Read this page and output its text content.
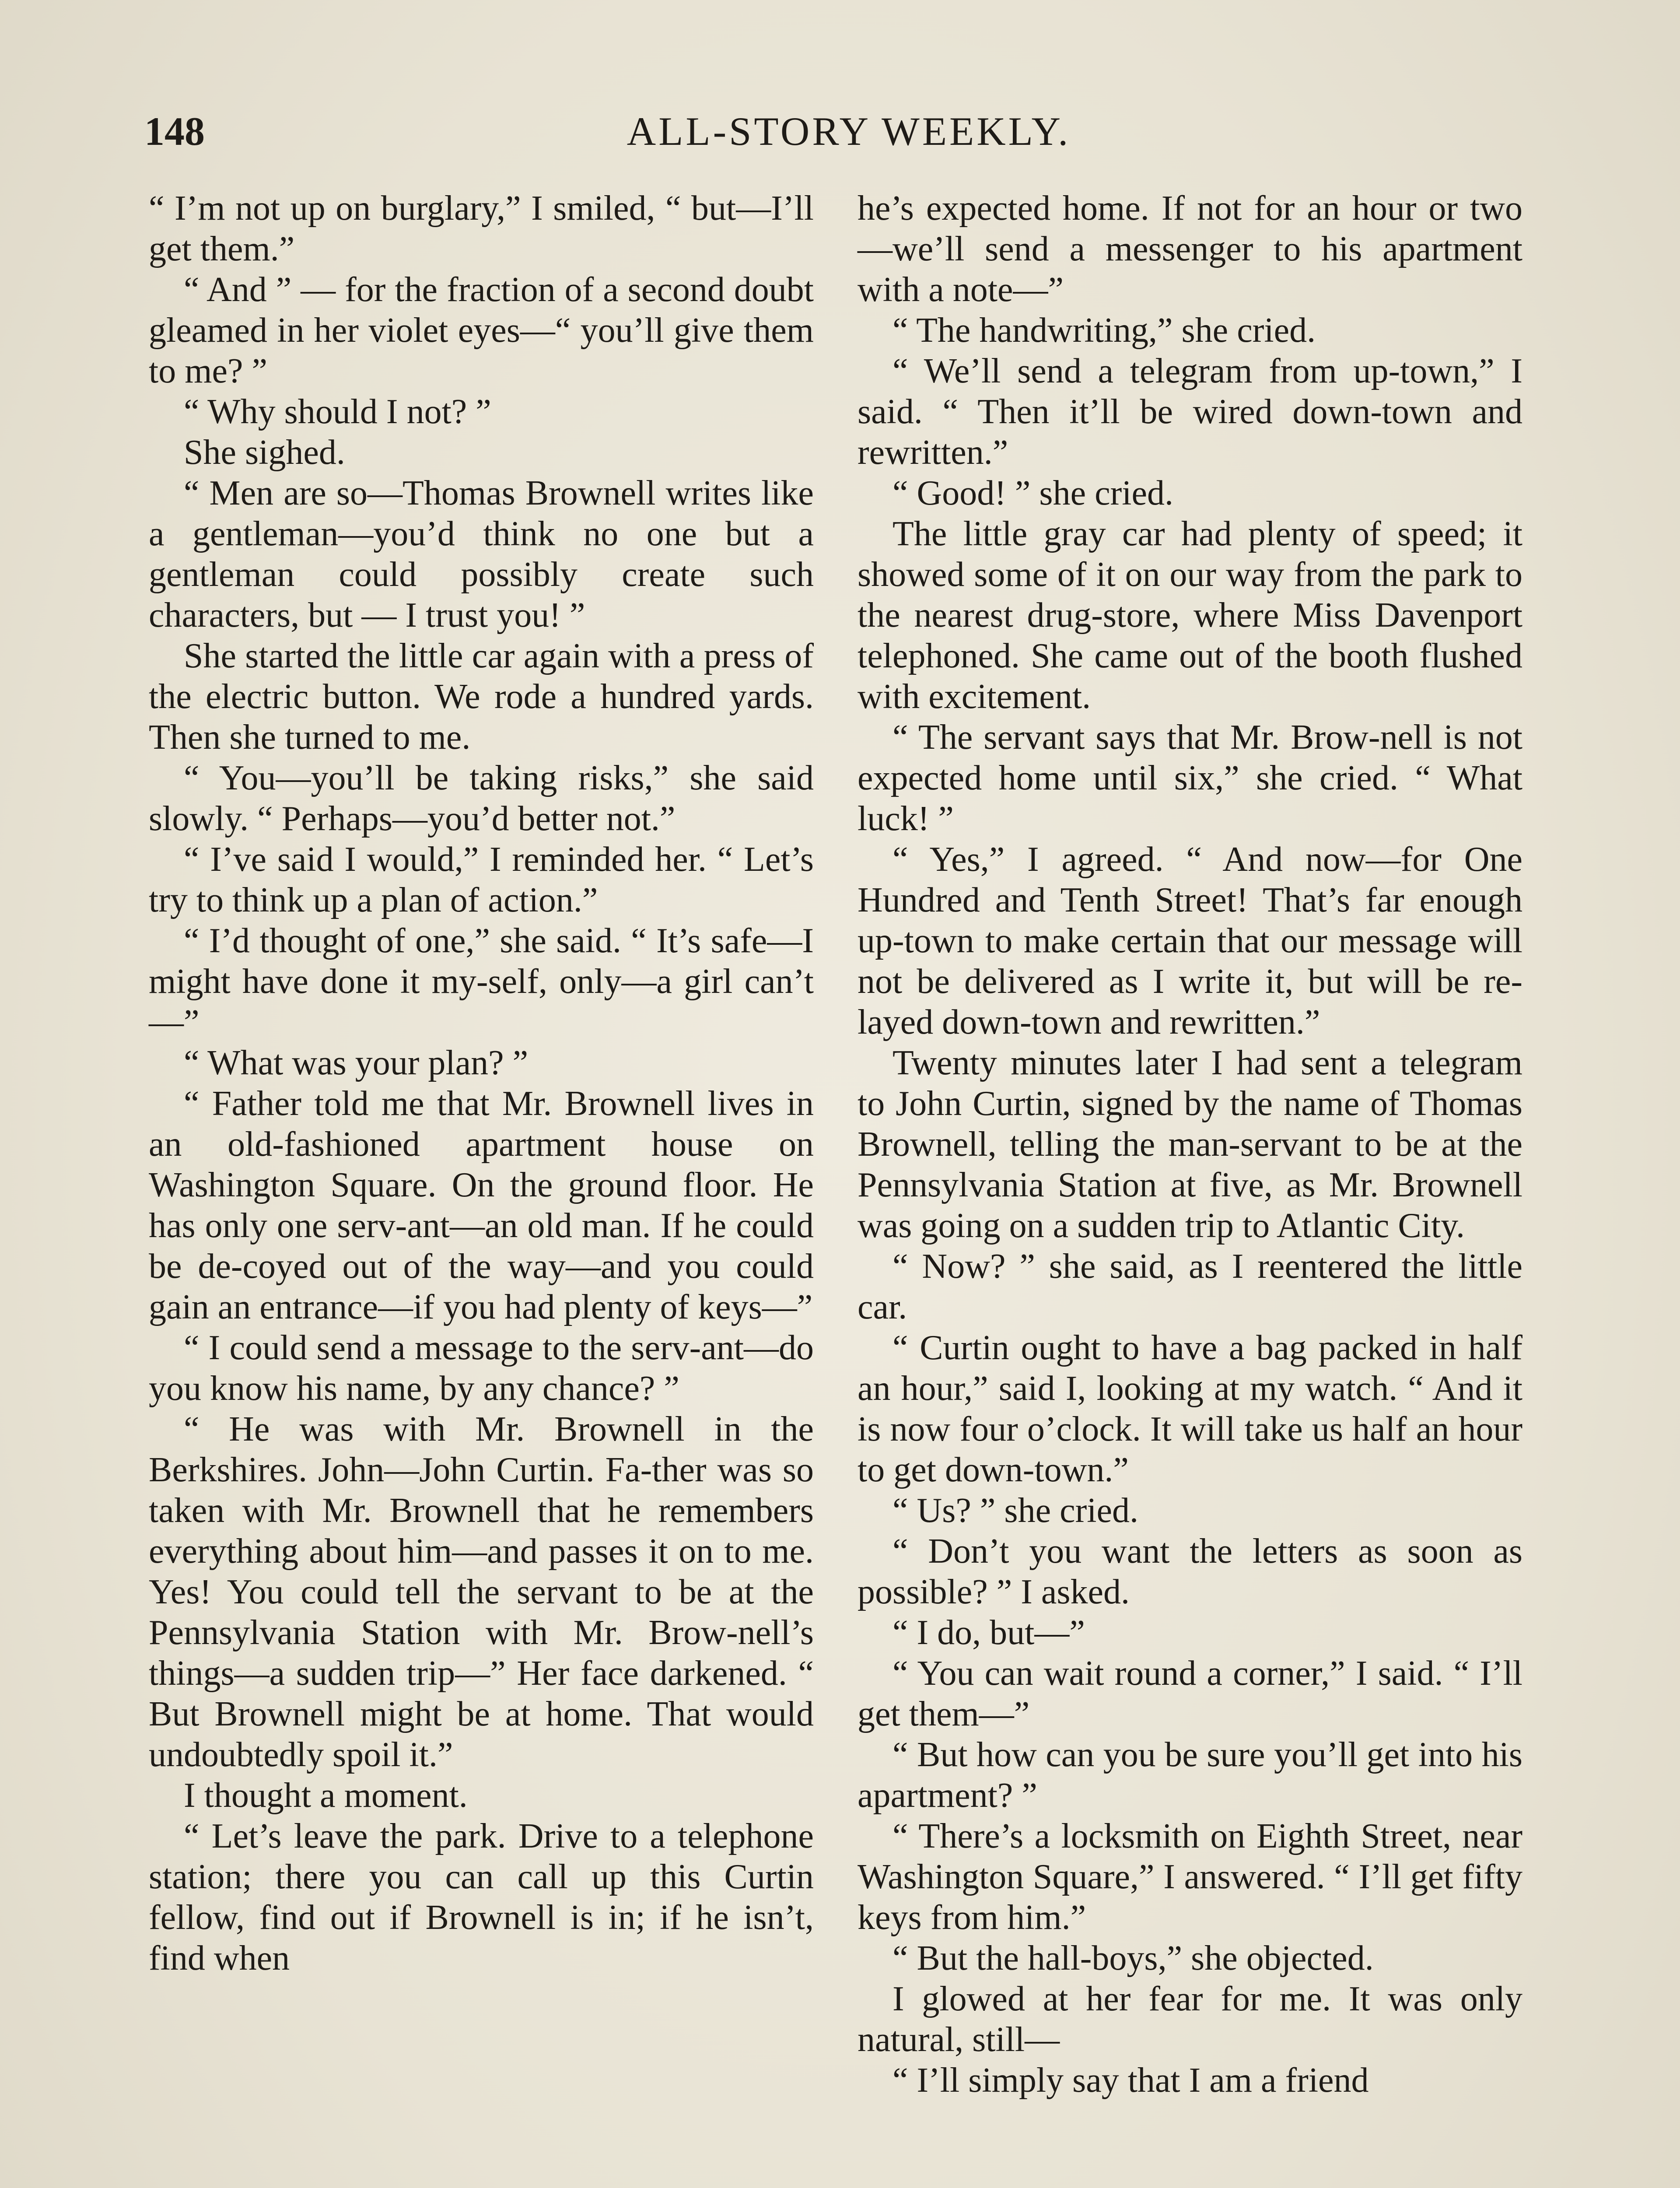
148	ALL-STORY WEEKLY.

“ I’m not up on burglary,” I smiled, “ but—I’ll get them.”

“ And ” — for the fraction of a second doubt gleamed in her violet eyes—“ you’ll give them to me? ”

“ Why should I not? ”

She sighed.

“ Men are so—Thomas Brownell writes like a gentleman—you’d think no one but a gentleman could possibly create such characters, but — I trust you! ”

She started the little car again with a press of the electric button. We rode a hundred yards. Then she turned to me.

“ You—you’ll be taking risks,” she said slowly. “ Perhaps—you’d better not.”

“ I’ve said I would,” I reminded her. “ Let’s try to think up a plan of action.”

“ I’d thought of one,” she said. “ It’s safe—I might have done it my-self, only—a girl can’t—”

“ What was your plan? ”

“ Father told me that Mr. Brownell lives in an old-fashioned apartment house on Washington Square. On the ground floor. He has only one serv-ant—an old man. If he could be de-coyed out of the way—and you could gain an entrance—if you had plenty of keys—”

“ I could send a message to the serv-ant—do you know his name, by any chance? ”

“ He was with Mr. Brownell in the Berkshires. John—John Curtin. Fa-ther was so taken with Mr. Brownell that he remembers everything about him—and passes it on to me. Yes! You could tell the servant to be at the Pennsylvania Station with Mr. Brow-nell’s things—a sudden trip—” Her face darkened. “ But Brownell might be at home. That would undoubtedly spoil it.”

I thought a moment.

“ Let’s leave the park. Drive to a telephone station; there you can call up this Curtin fellow, find out if Brownell is in; if he isn’t, find when

he’s expected home. If not for an hour or two—we’ll send a messenger to his apartment with a note—”

“ The handwriting,” she cried.

“ We’ll send a telegram from up-town,” I said. “ Then it’ll be wired down-town and rewritten.”

“ Good! ” she cried.

The little gray car had plenty of speed; it showed some of it on our way from the park to the nearest drug-store, where Miss Davenport telephoned. She came out of the booth flushed with excitement.

“ The servant says that Mr. Brow-nell is not expected home until six,” she cried. “ What luck! ”

“ Yes,” I agreed. “ And now—for One Hundred and Tenth Street! That’s far enough up-town to make certain that our message will not be delivered as I write it, but will be re-layed down-town and rewritten.”

Twenty minutes later I had sent a telegram to John Curtin, signed by the name of Thomas Brownell, telling the man-servant to be at the Pennsylvania Station at five, as Mr. Brownell was going on a sudden trip to Atlantic City.

“ Now? ” she said, as I reentered the little car.

“ Curtin ought to have a bag packed in half an hour,” said I, looking at my watch. “ And it is now four o’clock. It will take us half an hour to get down-town.”

“ Us? ” she cried.

“ Don’t you want the letters as soon as possible? ” I asked.

“ I do, but—”

“ You can wait round a corner,” I said. “ I’ll get them—”

“ But how can you be sure you’ll get into his apartment? ”

“ There’s a locksmith on Eighth Street, near Washington Square,” I answered. “ I’ll get fifty keys from him.”

“ But the hall-boys,” she objected.

I glowed at her fear for me. It was only natural, still—

“ I’ll simply say that I am a friend
